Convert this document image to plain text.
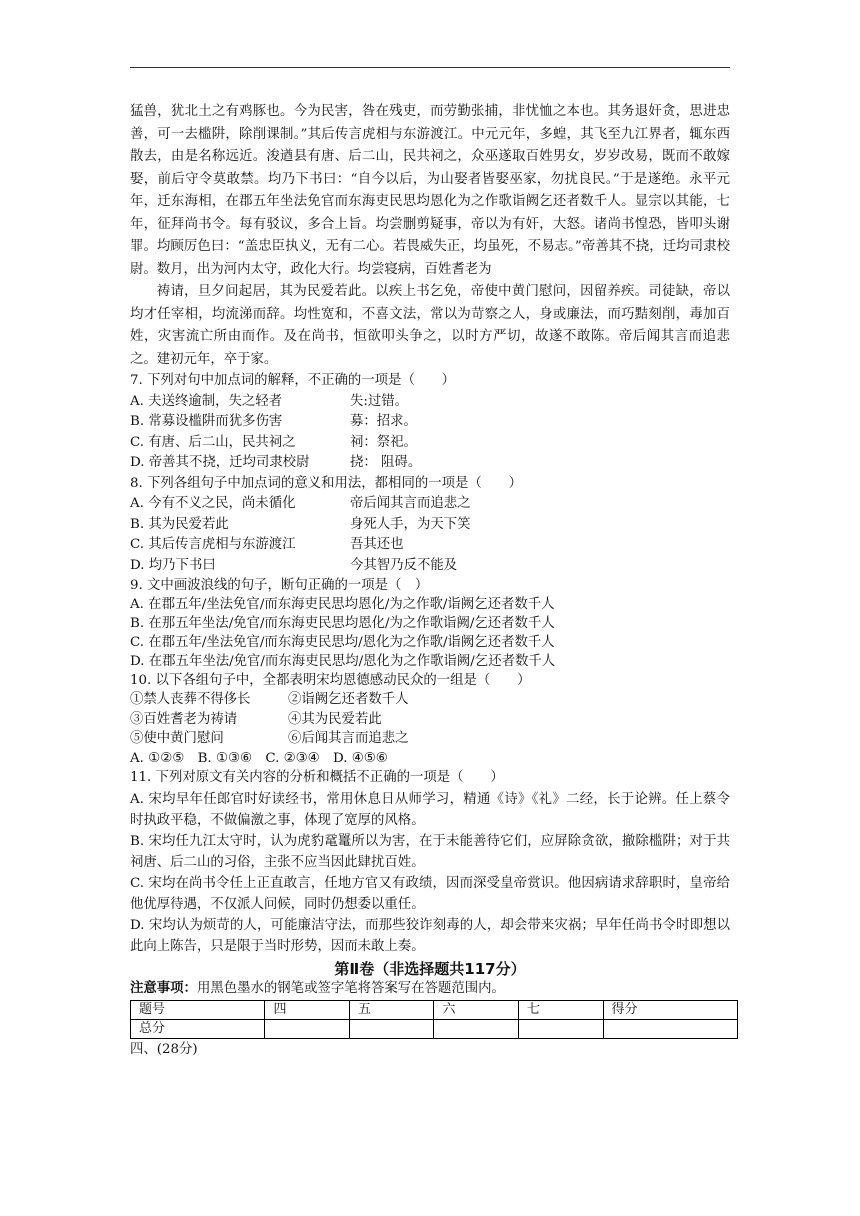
猛兽，犹北土之有鸡豚也。今为民害，咎在残吏，而劳勤张捕，非忧恤之本也。其务退奸贪，思进忠善，可一去槛阱，除削课制。”其后传言虎相与东游渡江。中元元年，多蝗，其飞至九江界者，辄东西散去，由是名称远近。浚遒县有唐、后二山，民共祠之，众巫遂取百姓男女，岁岁改易，既而不敢嫁娶，前后守令莫敢禁。均乃下书曰：“自今以后，为山娶者皆娶巫家，勿扰良民。”于是遂绝。永平元年，迁东海相，在郡五年坐法免官而东海吏民思均恩化为之作歌诣阙乞还者数千人。显宗以其能，七年，征拜尚书令。每有驳议，多合上旨。均尝删剪疑事，帝以为有奸，大怒。诸尚书惶恐，皆叩头谢罪。均顾厉色曰：“盖忠臣执义，无有二心。若畏威失正，均虽死，不易志。”帝善其不挠，迁均司隶校尉。数月，出为河内太守，政化大行。均尝寝病，百姓耆老为

祷请，旦夕问起居，其为民爱若此。以疾上书乞免，帝使中黄门慰问，因留养疾。司徒缺，帝以均才任宰相，均流涕而辞。均性宽和，不喜文法，常以为苛察之人，身或廉法，而巧黠刻削，毒加百姓，灾害流亡所由而作。及在尚书，恒欲叩头争之，以时方严切，故遂不敢陈。帝后闻其言而追悲之。建初元年，卒于家。

7. 下列对句中加点词的解释，不正确的一项是（　　）

A. 夫送终逾制，失之轻者	失:过错。

B. 常募设槛阱而犹多伤害	募：招求。

C. 有唐、后二山，民共祠之	祠：祭祀。

D. 帝善其不挠，迁均司隶校尉	挠： 阻碍。

8. 下列各组句子中加点词的意义和用法，都相同的一项是（　　）

A. 今有不义之民，尚未循化	帝后闻其言而追悲之

B. 其为民爱若此	身死人手，为天下笑

C. 其后传言虎相与东游渡江	吾其还也

D. 均乃下书曰	今其智乃反不能及

9. 文中画波浪线的句子，断句正确的一项是（　）

A. 在郡五年/坐法免官/而东海吏民思均恩化/为之作歌/诣阙乞还者数千人

B. 在那五年坐法/免官/而东海吏民思均恩化/为之作歌诣阙/乞还者数千人

C. 在郡五年/坐法免官/而东海吏民思均/恩化为之作歌/诣阙乞还者数千人

D. 在郡五年坐法/免官/而东海吏民思均/恩化为之作歌诣阙/乞还者数千人

10. 以下各组句子中，全都表明宋均恩德感动民众的一组是（　　）

①禁人丧葬不得侈长	②诣阙乞还者数千人

③百姓耆老为祷请	④其为民爱若此

⑤使中黄门慰问	⑥后闻其言而追悲之

A. ①②⑤　B. ①③⑥　C. ②③④　D. ④⑤⑥

11. 下列对原文有关内容的分析和概括不正确的一项是（　　）

A. 宋均早年任郎官时好读经书，常用休息日从师学习，精通《诗》《礼》二经，长于论辨。任上蔡令时执政平稳，不做偏激之事，体现了宽厚的风格。

B. 宋均任九江太守时，认为虎豹鼋鼍所以为害，在于未能善待它们，应屏除贪欲，撤除槛阱；对于共祠唐、后二山的习俗，主张不应当因此肆扰百姓。

C. 宋均在尚书令任上正直敢言，任地方官又有政绩，因而深受皇帝赏识。他因病请求辞职时，皇帝给他优厚待遇，不仅派人问候，同时仍想委以重任。

D. 宋均认为烦苛的人，可能廉洁守法，而那些狡诈刻毒的人，却会带来灾祸；早年任尚书令时即想以此向上陈告，只是限于当时形势，因而未敢上奏。

第Ⅱ卷（非选择题共117分）

注意事项：用黑色墨水的钢笔或签字笔将答案写在答题范围内。

题号	四	五	六	七	得分
总分					

四、(28分)
